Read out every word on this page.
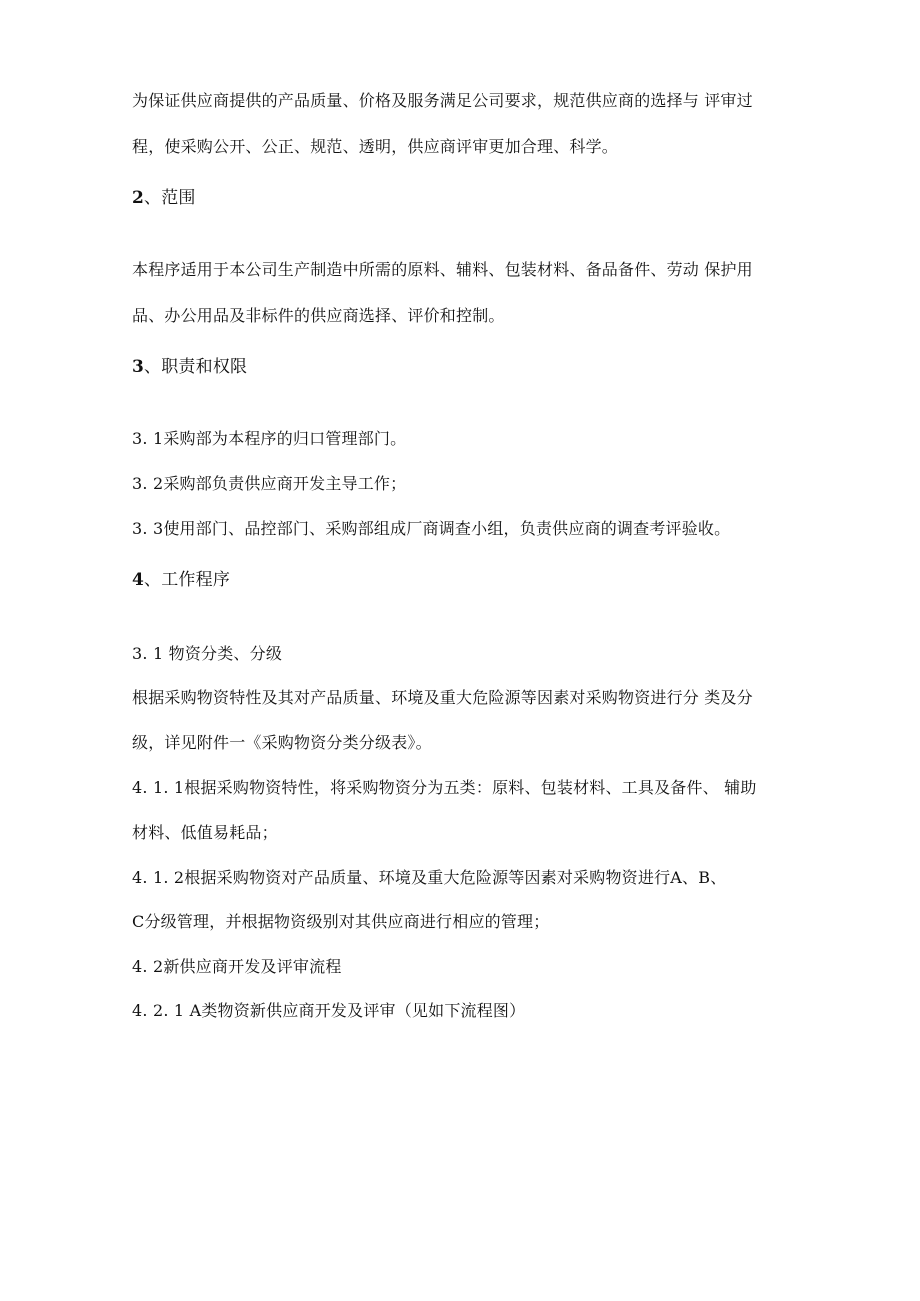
为保证供应商提供的产品质量、价格及服务满足公司要求，规范供应商的选择与 评审过
程，使采购公开、公正、规范、透明，供应商评审更加合理、科学。
2、范围
本程序适用于本公司生产制造中所需的原料、辅料、包装材料、备品备件、劳动 保护用
品、办公用品及非标件的供应商选择、评价和控制。
3、职责和权限
3. 1采购部为本程序的归口管理部门。
3. 2采购部负责供应商开发主导工作；
3. 3使用部门、品控部门、采购部组成厂商调查小组，负责供应商的调查考评验收。
4、工作程序
3. 1 物资分类、分级
根据采购物资特性及其对产品质量、环境及重大危险源等因素对采购物资进行分 类及分
级，详见附件一《采购物资分类分级表》。
4. 1. 1根据采购物资特性，将采购物资分为五类：原料、包装材料、工具及备件、 辅助
材料、低值易耗品；
4. 1. 2根据采购物资对产品质量、环境及重大危险源等因素对采购物资进行A、B、
C分级管理，并根据物资级别对其供应商进行相应的管理；
4. 2新供应商开发及评审流程
4. 2. 1 A类物资新供应商开发及评审（见如下流程图）
